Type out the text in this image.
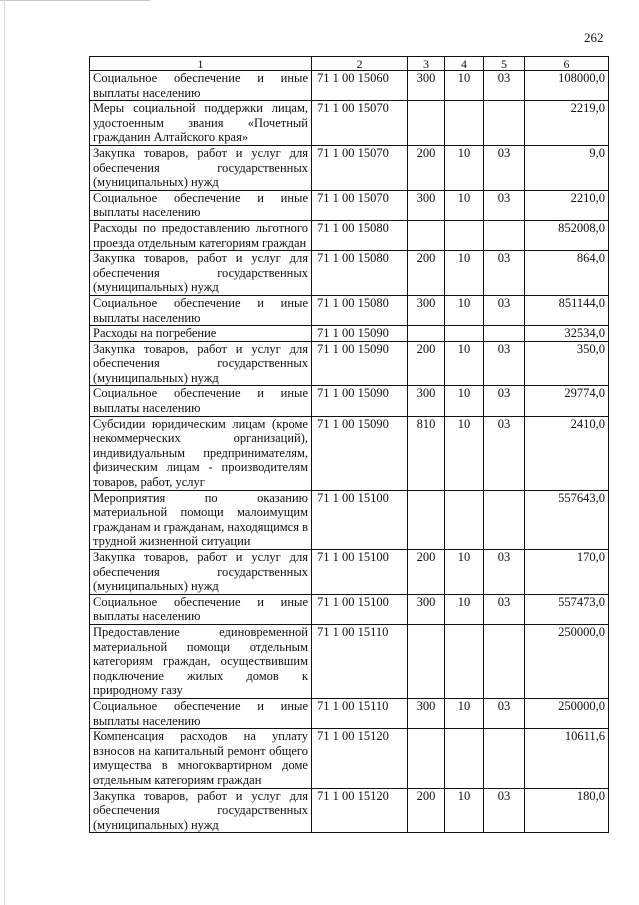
262
1	2	3	4	5	6
Социальное обеспечение и иные выплаты населению	71 1 00 15060	300	10	03	108000,0
Меры социальной поддержки лицам, удостоенным звания «Почетный гражданин Алтайского края»	71 1 00 15070				2219,0
Закупка товаров, работ и услуг для обеспечения государственных (муниципальных) нужд	71 1 00 15070	200	10	03	9,0
Социальное обеспечение и иные выплаты населению	71 1 00 15070	300	10	03	2210,0
Расходы по предоставлению льготного проезда отдельным категориям граждан	71 1 00 15080				852008,0
Закупка товаров, работ и услуг для обеспечения государственных (муниципальных) нужд	71 1 00 15080	200	10	03	864,0
Социальное обеспечение и иные выплаты населению	71 1 00 15080	300	10	03	851144,0
Расходы на погребение	71 1 00 15090				32534,0
Закупка товаров, работ и услуг для обеспечения государственных (муниципальных) нужд	71 1 00 15090	200	10	03	350,0
Социальное обеспечение и иные выплаты населению	71 1 00 15090	300	10	03	29774,0
Субсидии юридическим лицам (кроме некоммерческих организаций), индивидуальным предпринимателям, физическим лицам - производителям товаров, работ, услуг	71 1 00 15090	810	10	03	2410,0
Мероприятия по оказанию материальной помощи малоимущим гражданам и гражданам, находящимся в трудной жизненной ситуации	71 1 00 15100				557643,0
Закупка товаров, работ и услуг для обеспечения государственных (муниципальных) нужд	71 1 00 15100	200	10	03	170,0
Социальное обеспечение и иные выплаты населению	71 1 00 15100	300	10	03	557473,0
Предоставление единовременной материальной помощи отдельным категориям граждан, осуществившим подключение жилых домов к природному газу	71 1 00 15110				250000,0
Социальное обеспечение и иные выплаты населению	71 1 00 15110	300	10	03	250000,0
Компенсация расходов на уплату взносов на капитальный ремонт общего имущества в многоквартирном доме отдельным категориям граждан	71 1 00 15120				10611,6
Закупка товаров, работ и услуг для обеспечения государственных (муниципальных) нужд	71 1 00 15120	200	10	03	180,0
